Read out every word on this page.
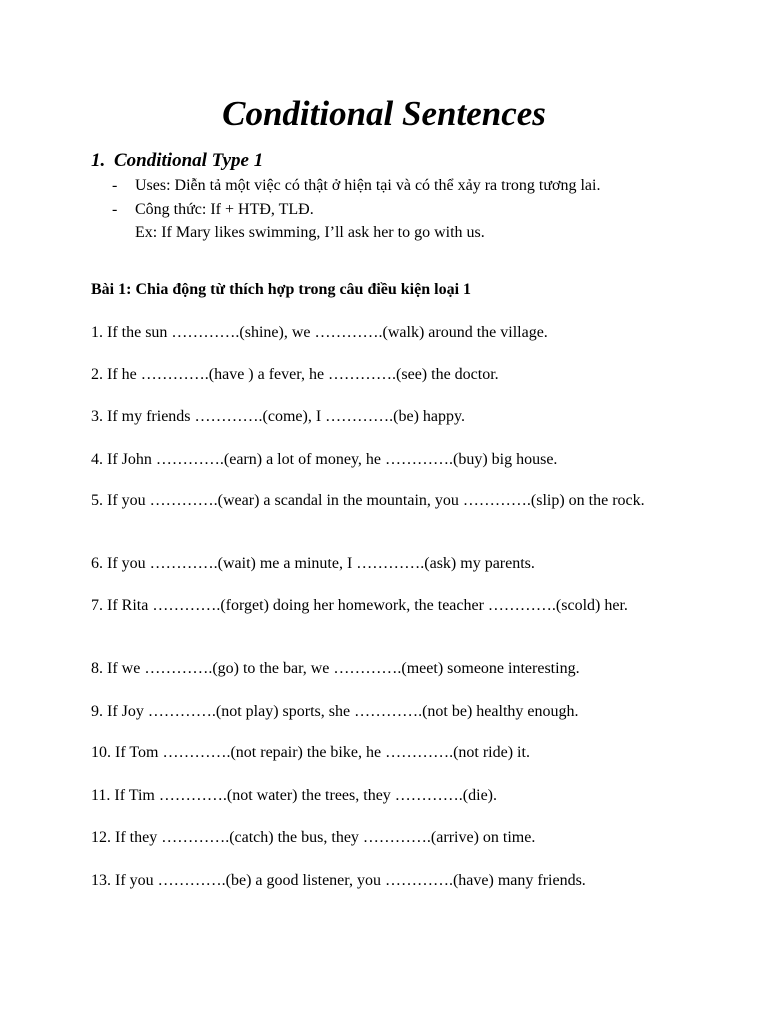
Conditional Sentences
1. Conditional Type 1
- Uses: Diễn tả một việc có thật ở hiện tại và có thể xảy ra trong tương lai.
- Công thức: If + HTĐ, TLĐ.
Ex: If Mary likes swimming, I’ll ask her to go with us.
Bài 1: Chia động từ thích hợp trong câu điều kiện loại 1
1. If the sun ………….(shine), we ………….(walk) around the village.
2. If he ………….(have ) a fever, he ………….(see) the doctor.
3. If my friends ………….(come), I ………….(be) happy.
4. If John ………….(earn) a lot of money, he ………….(buy) big house.
5. If you ………….(wear) a scandal in the mountain, you ………….(slip) on the rock.
6. If you ………….(wait) me a minute, I ………….(ask) my parents.
7. If Rita ………….(forget) doing her homework, the teacher ………….(scold) her.
8. If we ………….(go) to the bar, we ………….(meet) someone interesting.
9. If Joy ………….(not play) sports, she ………….(not be) healthy enough.
10. If Tom ………….(not repair) the bike, he ………….(not ride) it.
11. If Tim ………….(not water) the trees, they ………….(die).
12. If they ………….(catch) the bus, they ………….(arrive) on time.
13. If you ………….(be) a good listener, you ………….(have) many friends.
